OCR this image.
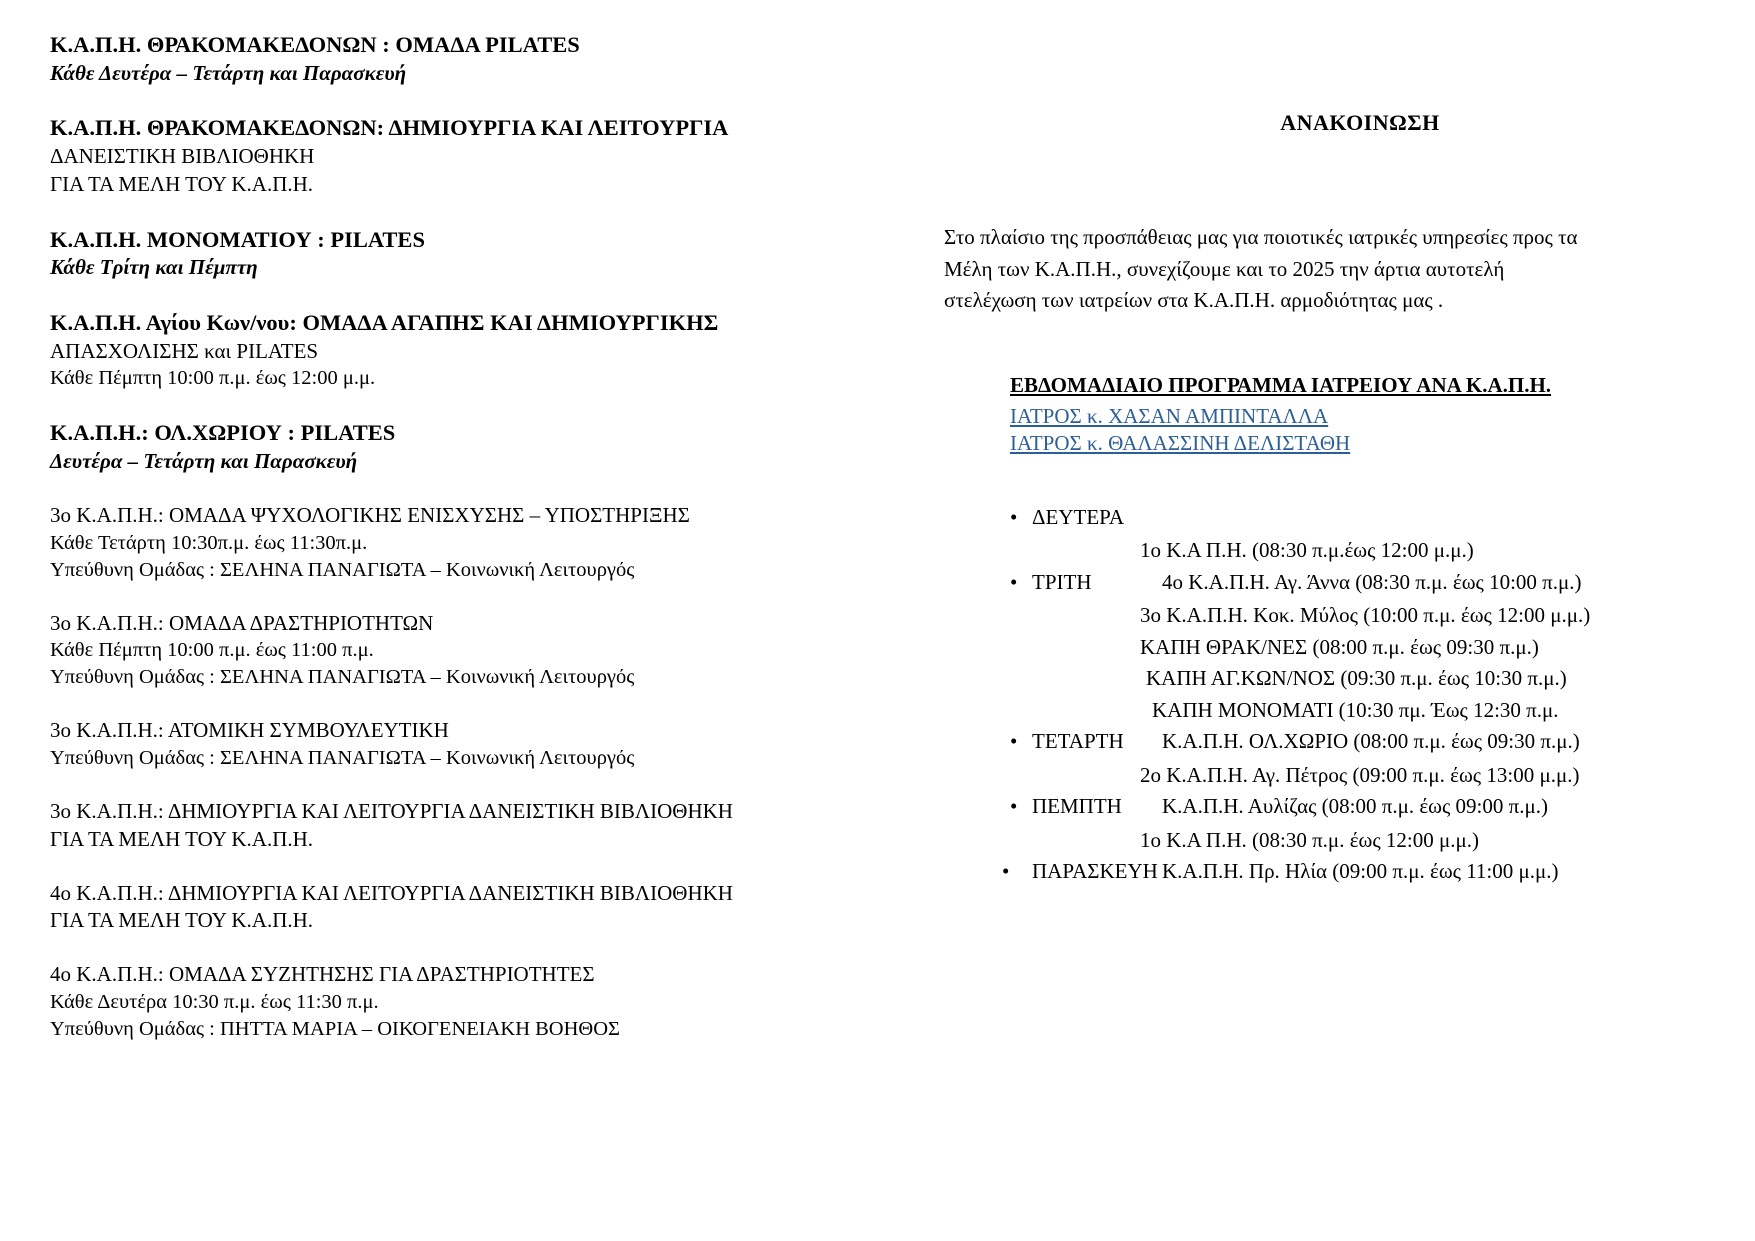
Κ.Α.Π.Η. ΘΡΑΚΟΜΑΚΕΔΟΝΩΝ : ΟΜΑΔΑ PILATES
Κάθε Δευτέρα – Τετάρτη και Παρασκευή
Κ.Α.Π.Η. ΘΡΑΚΟΜΑΚΕΔΟΝΩΝ: ΔΗΜΙΟΥΡΓΙΑ ΚΑΙ ΛΕΙΤΟΥΡΓΙΑ
ΔΑΝΕΙΣΤΙΚΗ ΒΙΒΛΙΟΘΗΚΗ
ΓΙΑ ΤΑ ΜΕΛΗ ΤΟΥ Κ.Α.Π.Η.
Κ.Α.Π.Η. ΜΟΝΟΜΑΤΙΟΥ : PILATES
Κάθε Τρίτη και Πέμπτη
Κ.Α.Π.Η. Αγίου Κων/νου: ΟΜΑΔΑ ΑΓΑΠΗΣ ΚΑΙ ΔΗΜΙΟΥΡΓΙΚΗΣ
ΑΠΑΣΧΟΛΙΣΗΣ και PILATES
Κάθε Πέμπτη 10:00 π.μ. έως 12:00 μ.μ.
Κ.Α.Π.Η.: ΟΛ.ΧΩΡΙΟΥ : PILATES
Δευτέρα – Τετάρτη και Παρασκευή
3ο Κ.Α.Π.Η.: ΟΜΑΔΑ ΨΥΧΟΛΟΓΙΚΗΣ ΕΝΙΣΧΥΣΗΣ – ΥΠΟΣΤΗΡΙΞΗΣ
Κάθε Τετάρτη 10:30π.μ. έως 11:30π.μ.
Υπεύθυνη Ομάδας : ΣΕΛΗΝΑ ΠΑΝΑΓΙΩΤΑ – Κοινωνική Λειτουργός
3ο Κ.Α.Π.Η.: ΟΜΑΔΑ ΔΡΑΣΤΗΡΙΟΤΗΤΩΝ
Κάθε Πέμπτη 10:00 π.μ. έως 11:00 π.μ.
Υπεύθυνη Ομάδας : ΣΕΛΗΝΑ ΠΑΝΑΓΙΩΤΑ – Κοινωνική Λειτουργός
3ο Κ.Α.Π.Η.: ΑΤΟΜΙΚΗ ΣΥΜΒΟΥΛΕΥΤΙΚΗ
Υπεύθυνη Ομάδας : ΣΕΛΗΝΑ ΠΑΝΑΓΙΩΤΑ – Κοινωνική Λειτουργός
3ο Κ.Α.Π.Η.: ΔΗΜΙΟΥΡΓΙΑ ΚΑΙ ΛΕΙΤΟΥΡΓΙΑ ΔΑΝΕΙΣΤΙΚΗ ΒΙΒΛΙΟΘΗΚΗ
ΓΙΑ ΤΑ ΜΕΛΗ ΤΟΥ Κ.Α.Π.Η.
4ο Κ.Α.Π.Η.: ΔΗΜΙΟΥΡΓΙΑ ΚΑΙ ΛΕΙΤΟΥΡΓΙΑ ΔΑΝΕΙΣΤΙΚΗ ΒΙΒΛΙΟΘΗΚΗ
ΓΙΑ ΤΑ ΜΕΛΗ ΤΟΥ Κ.Α.Π.Η.
4ο Κ.Α.Π.Η.: ΟΜΑΔΑ ΣΥΖΗΤΗΣΗΣ ΓΙΑ ΔΡΑΣΤΗΡΙΟΤΗΤΕΣ
Κάθε Δευτέρα 10:30 π.μ. έως 11:30 π.μ.
Υπεύθυνη Ομάδας : ΠΗΤΤΑ ΜΑΡΙΑ – ΟΙΚΟΓΕΝΕΙΑΚΗ ΒΟΗΘΟΣ
ΑΝΑΚΟΙΝΩΣΗ
Στο πλαίσιο της προσπάθειας μας για ποιοτικές ιατρικές υπηρεσίες προς τα
Μέλη των Κ.Α.Π.Η., συνεχίζουμε και το 2025 την άρτια αυτοτελή
στελέχωση των ιατρείων στα Κ.Α.Π.Η. αρμοδιότητας μας .
ΕΒΔΟΜΑΔΙΑΙΟ ΠΡΟΓΡΑΜΜΑ ΙΑΤΡΕΙΟΥ ΑΝΑ Κ.Α.Π.Η.
ΙΑΤΡΟΣ κ. ΧΑΣΑΝ ΑΜΠΙΝΤΑΛΛΑ
ΙΑΤΡΟΣ κ. ΘΑΛΑΣΣΙΝΗ ΔΕΛΙΣΤΑΘΗ
• ΔΕΥΤΕΡΑ
1ο Κ.Α Π.Η. (08:30 π.μ.έως 12:00 μ.μ.)
• ΤΡΙΤΗ	4ο Κ.Α.Π.Η. Αγ. Άννα (08:30 π.μ. έως 10:00 π.μ.)
3ο Κ.Α.Π.Η. Κοκ. Μύλος (10:00 π.μ. έως 12:00 μ.μ.)
ΚΑΠΗ ΘΡΑΚ/ΝΕΣ (08:00 π.μ. έως 09:30 π.μ.)
ΚΑΠΗ ΑΓ.ΚΩΝ/ΝΟΣ (09:30 π.μ. έως 10:30 π.μ.)
ΚΑΠΗ ΜΟΝΟΜΑΤΙ (10:30 πμ. Έως 12:30 π.μ.
• ΤΕΤΑΡΤΗ Κ.Α.Π.Η. ΟΛ.ΧΩΡΙΟ (08:00 π.μ. έως 09:30 π.μ.)
2ο Κ.Α.Π.Η. Αγ. Πέτρος (09:00 π.μ. έως 13:00 μ.μ.)
• ΠΕΜΠΤΗ Κ.Α.Π.Η. Αυλίζας (08:00 π.μ. έως 09:00 π.μ.)
1ο Κ.Α Π.Η. (08:30 π.μ. έως 12:00 μ.μ.)
• ΠΑΡΑΣΚΕΥΗ Κ.Α.Π.Η. Πρ. Ηλία (09:00 π.μ. έως 11:00 μ.μ.)
